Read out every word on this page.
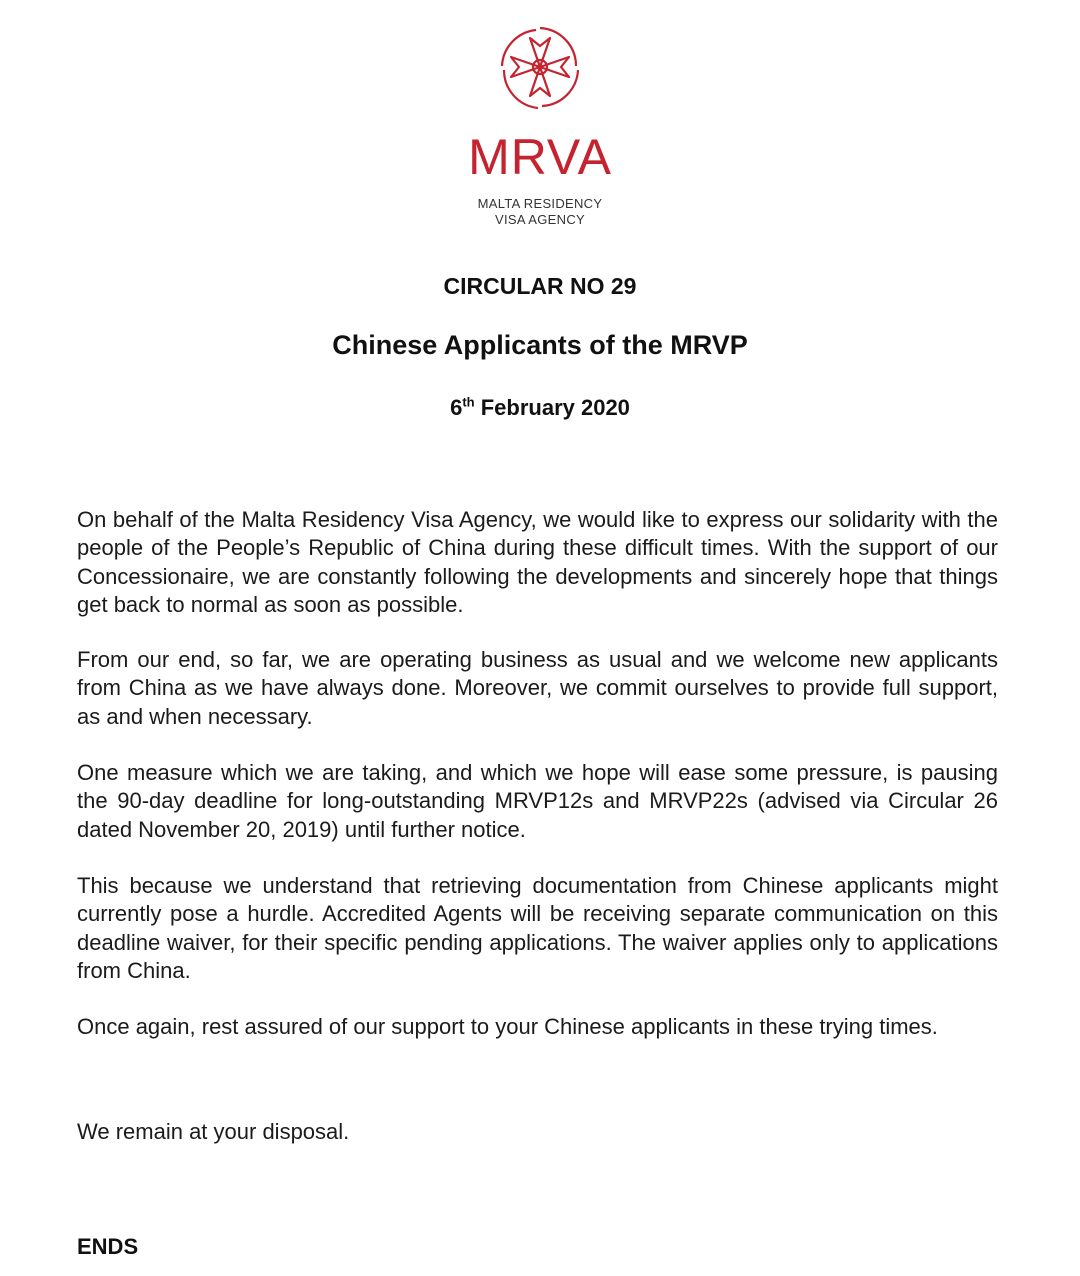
MRVA
MALTA RESIDENCY
VISA AGENCY
CIRCULAR NO 29
Chinese Applicants of the MRVP
6th February 2020

On behalf of the Malta Residency Visa Agency, we would like to express our solidarity with the people of the People’s Republic of China during these difficult times. With the support of our Concessionaire, we are constantly following the developments and sincerely hope that things get back to normal as soon as possible.

From our end, so far, we are operating business as usual and we welcome new applicants from China as we have always done. Moreover, we commit ourselves to provide full support, as and when necessary.

One measure which we are taking, and which we hope will ease some pressure, is pausing the 90-day deadline for long-outstanding MRVP12s and MRVP22s (advised via Circular 26 dated November 20, 2019) until further notice.

This because we understand that retrieving documentation from Chinese applicants might currently pose a hurdle. Accredited Agents will be receiving separate communication on this deadline waiver, for their specific pending applications. The waiver applies only to applications from China.

Once again, rest assured of our support to your Chinese applicants in these trying times.

We remain at your disposal.

ENDS
